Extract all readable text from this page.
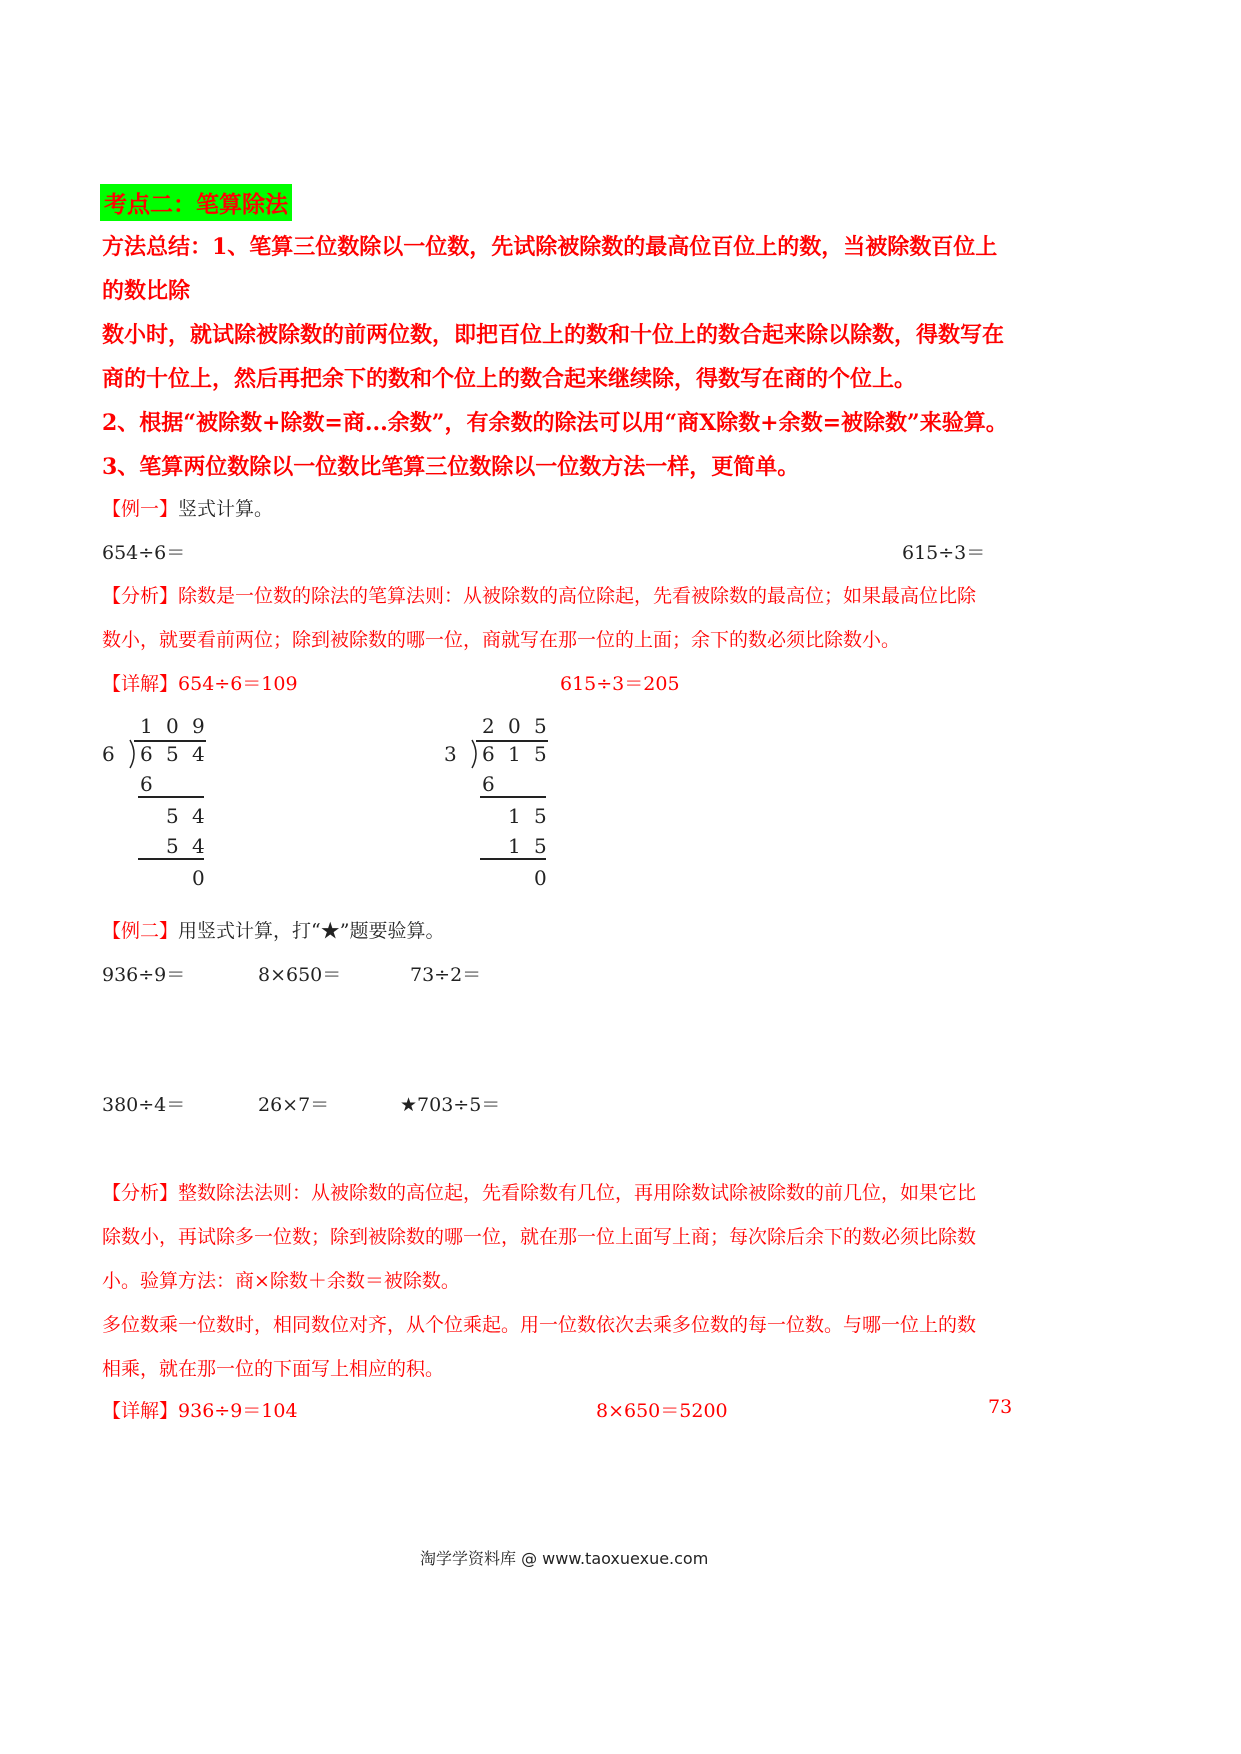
考点二：笔算除法
方法总结：1、笔算三位数除以一位数，先试除被除数的最高位百位上的数，当被除数百位上
的数比除
数小时，就试除被除数的前两位数，即把百位上的数和十位上的数合起来除以除数，得数写在
商的十位上，然后再把余下的数和个位上的数合起来继续除，得数写在商的个位上。
2、根据“被除数+除数=商...余数”，有余数的除法可以用“商X除数+余数=被除数”来验算。
3、笔算两位数除以一位数比笔算三位数除以一位数方法一样，更简单。
【例一】竖式计算。
654÷6＝	615÷3＝
【分析】除数是一位数的除法的笔算法则：从被除数的高位除起，先看被除数的最高位；如果最高位比除
数小，就要看前两位；除到被除数的哪一位，商就写在那一位的上面；余下的数必须比除数小。
【详解】654÷6＝109	615÷3＝205
1 0 9
6 6 5 4
6
5 4
5 4
0
2 0 5
3 6 1 5
6
1 5
1 5
0
【例二】用竖式计算，打“★”题要验算。
936÷9＝	8×650＝	73÷2＝
380÷4＝	26×7＝	★703÷5＝
【分析】整数除法法则：从被除数的高位起，先看除数有几位，再用除数试除被除数的前几位，如果它比
除数小，再试除多一位数；除到被除数的哪一位，就在那一位上面写上商；每次除后余下的数必须比除数
小。验算方法：商×除数＋余数＝被除数。
多位数乘一位数时，相同数位对齐，从个位乘起。用一位数依次去乘多位数的每一位数。与哪一位上的数
相乘，就在那一位的下面写上相应的积。
【详解】936÷9＝104	8×650＝5200	73
淘学学资料库 @ www.taoxuexue.com
